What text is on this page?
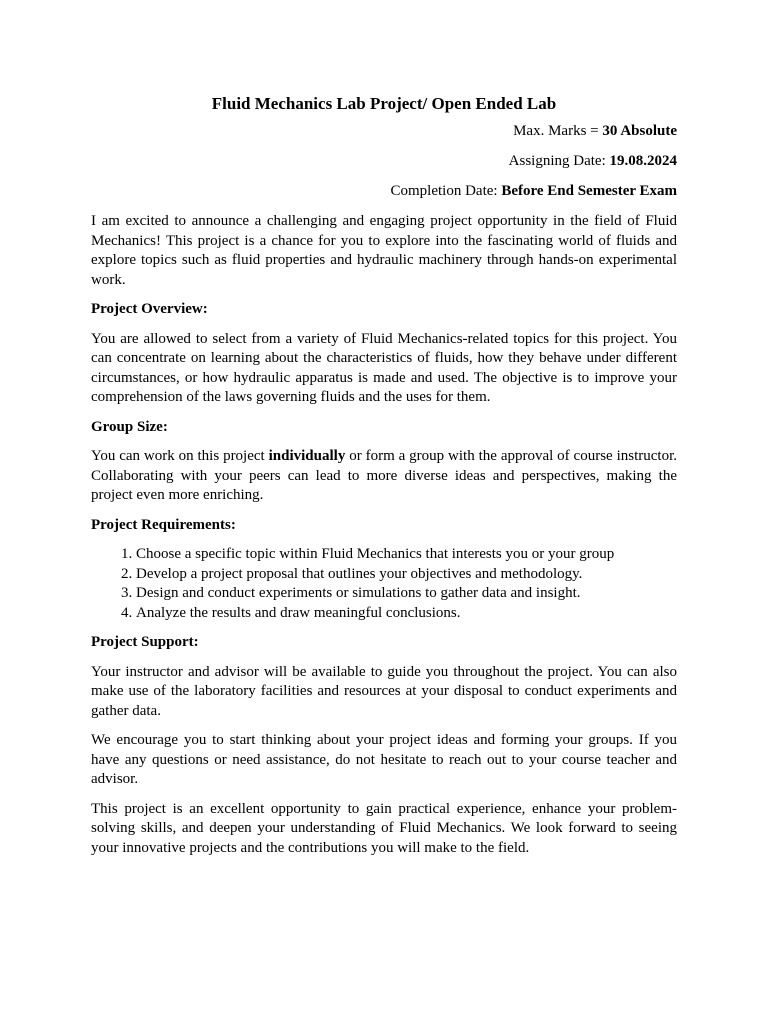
Fluid Mechanics Lab Project/ Open Ended Lab
Max. Marks = 30 Absolute
Assigning Date: 19.08.2024
Completion Date: Before End Semester Exam

I am excited to announce a challenging and engaging project opportunity in the field of Fluid Mechanics! This project is a chance for you to explore into the fascinating world of fluids and explore topics such as fluid properties and hydraulic machinery through hands-on experimental work.

Project Overview:

You are allowed to select from a variety of Fluid Mechanics-related topics for this project. You can concentrate on learning about the characteristics of fluids, how they behave under different circumstances, or how hydraulic apparatus is made and used. The objective is to improve your comprehension of the laws governing fluids and the uses for them.

Group Size:

You can work on this project individually or form a group with the approval of course instructor. Collaborating with your peers can lead to more diverse ideas and perspectives, making the project even more enriching.

Project Requirements:
1. Choose a specific topic within Fluid Mechanics that interests you or your group
2. Develop a project proposal that outlines your objectives and methodology.
3. Design and conduct experiments or simulations to gather data and insight.
4. Analyze the results and draw meaningful conclusions.
Project Support:

Your instructor and advisor will be available to guide you throughout the project. You can also make use of the laboratory facilities and resources at your disposal to conduct experiments and gather data.

We encourage you to start thinking about your project ideas and forming your groups. If you have any questions or need assistance, do not hesitate to reach out to your course teacher and advisor.

This project is an excellent opportunity to gain practical experience, enhance your problem-solving skills, and deepen your understanding of Fluid Mechanics. We look forward to seeing your innovative projects and the contributions you will make to the field.
